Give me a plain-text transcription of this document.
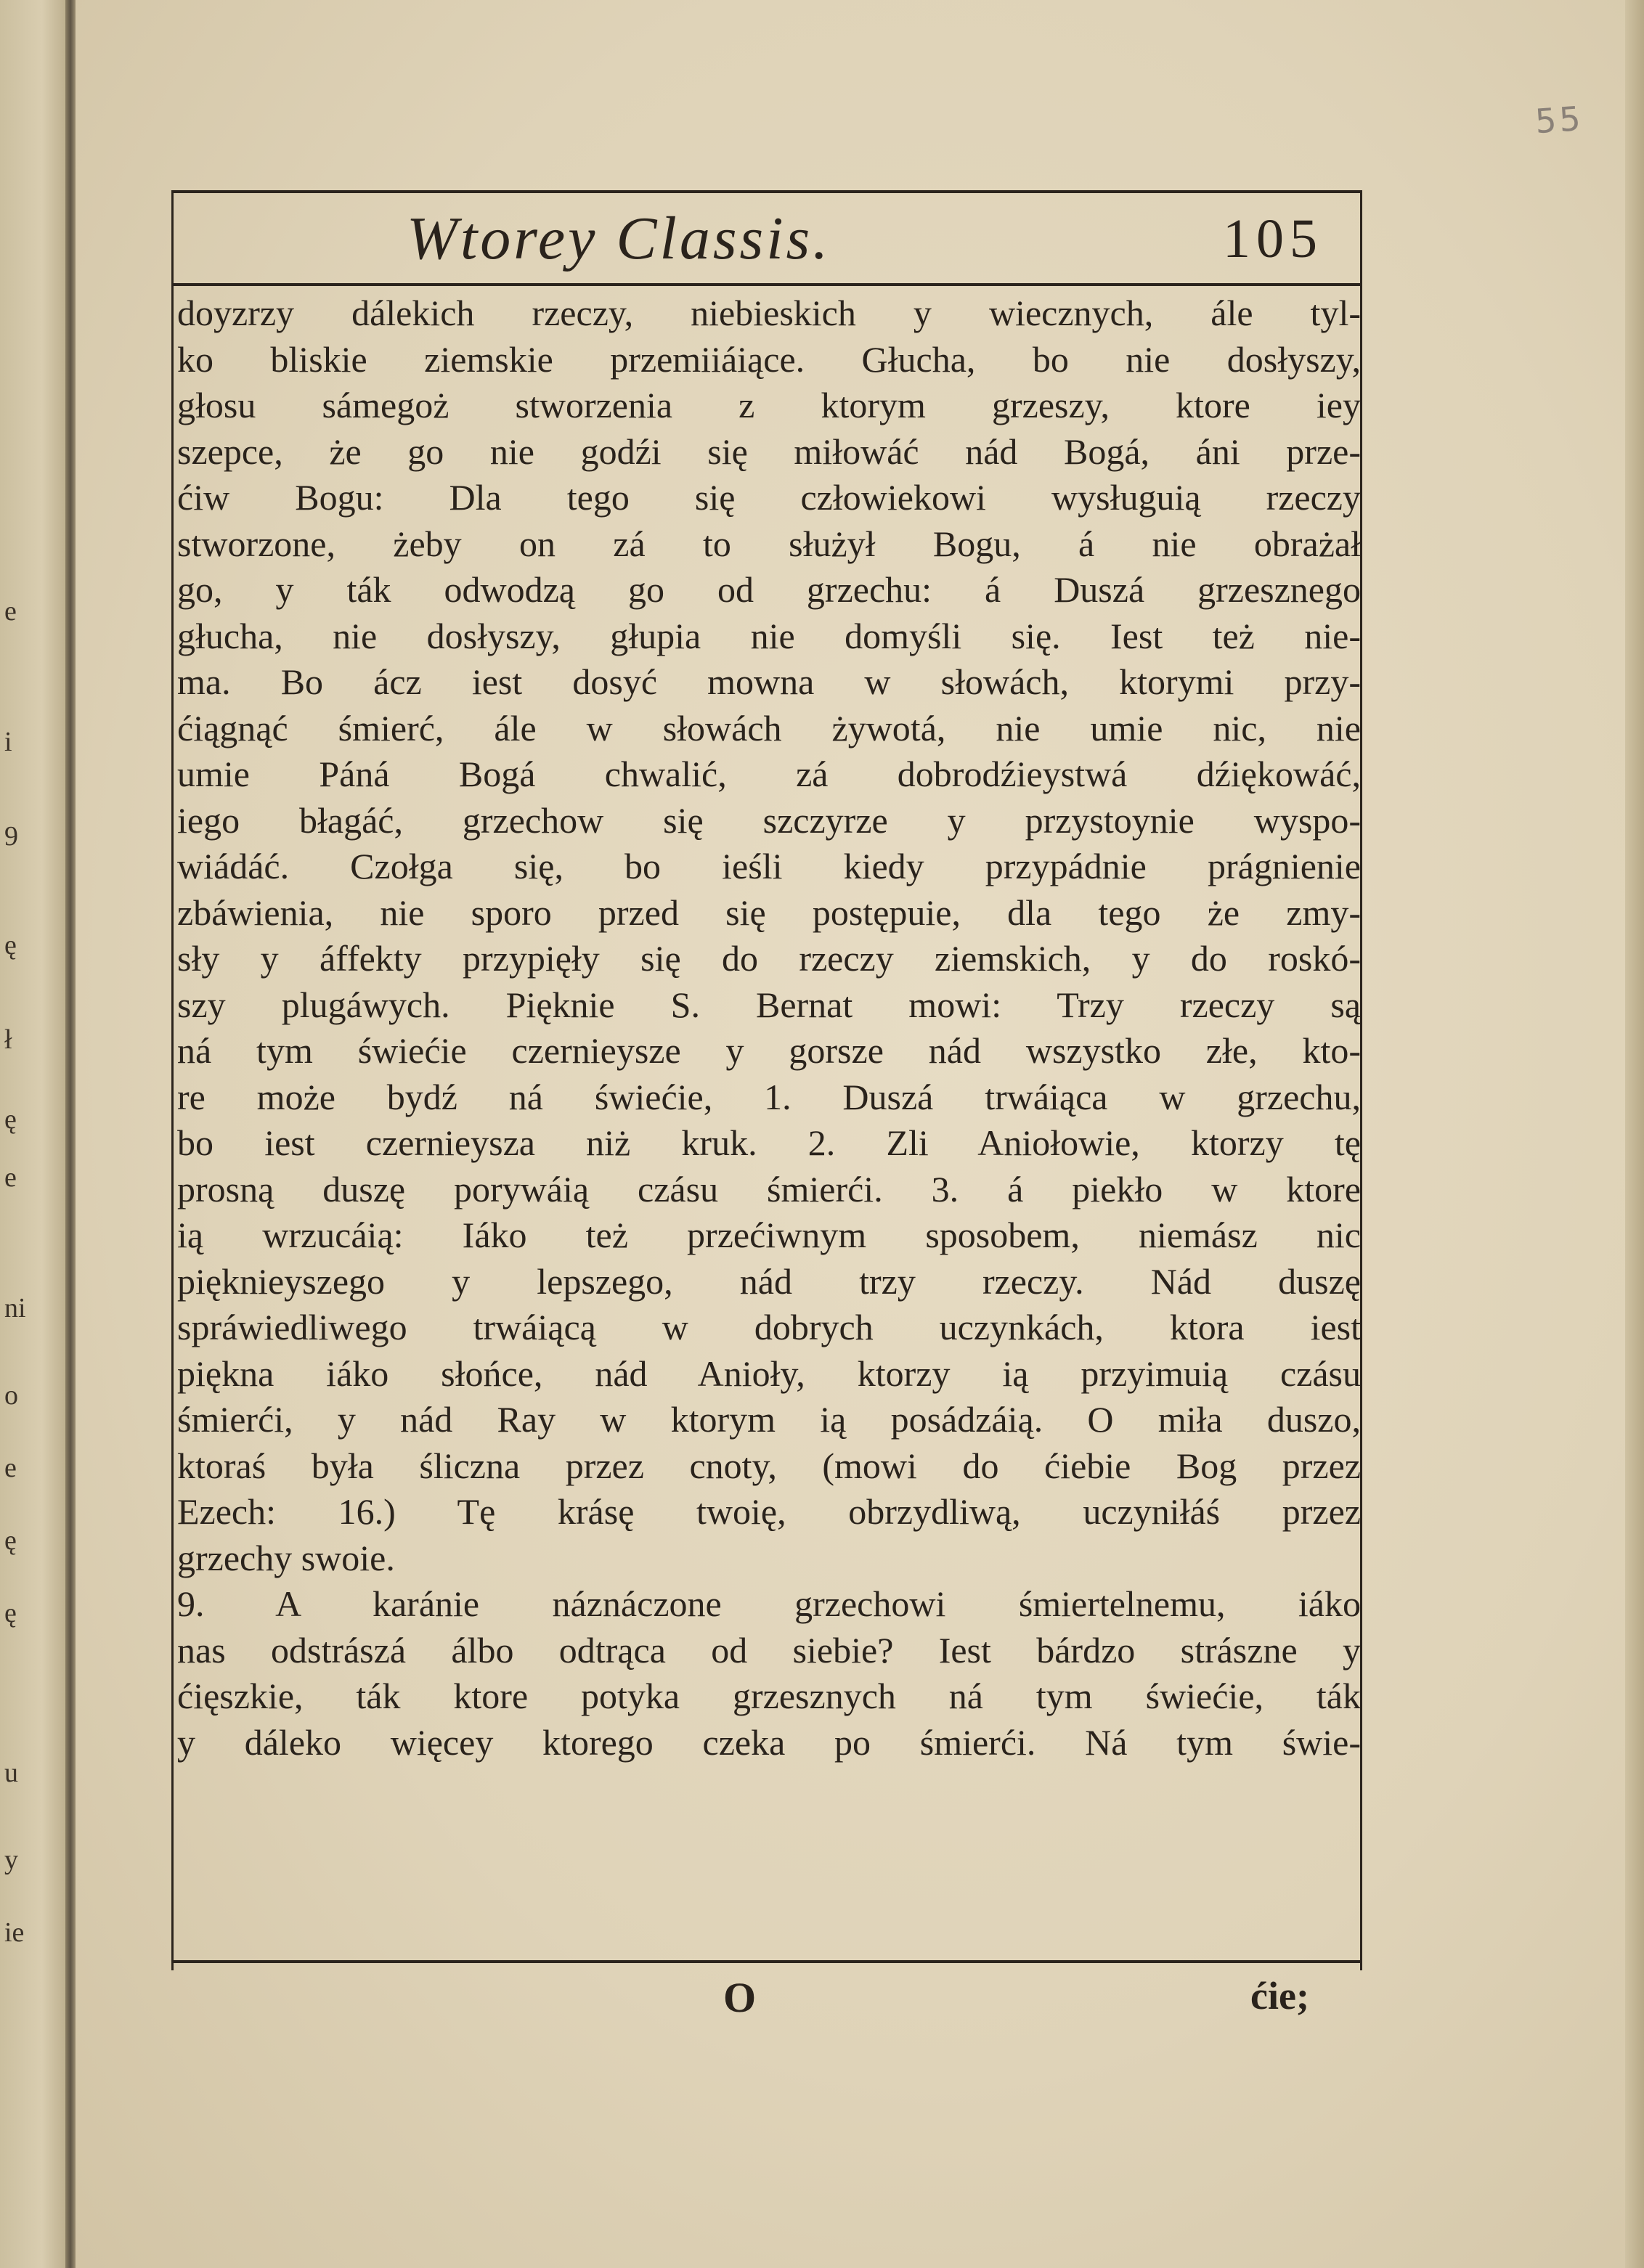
e
i
9
ę
ł
ę
e
ni
o
e
ę
ę
u
y
ie
55
Wtorey Classis.	105
doyzrzy dálekich rzeczy, niebieskich y wiecznych, ále tyl-
ko bliskie ziemskie przemiiáiące. Głucha, bo nie dosłyszy,
głosu sámegoż stworzenia z ktorym grzeszy, ktore iey
szepce, że go nie godźi się miłowáć nád Bogá, áni prze-
ćiw Bogu: Dla tego się człowiekowi wysługuią rzeczy
stworzone, żeby on zá to służył Bogu, á nie obrażał
go, y ták odwodzą go od grzechu: á Duszá grzesznego
głucha, nie dosłyszy, głupia nie domyśli się. Iest też nie-
ma. Bo ácz iest dosyć mowna w słowách, ktorymi przy-
ćiągnąć śmierć, ále w słowách żywotá, nie umie nic, nie
umie Páná Bogá chwalić, zá dobrodźieystwá dźiękowáć,
iego błagáć, grzechow się szczyrze y przystoynie wyspo-
wiádáć. Czołga się, bo ieśli kiedy przypádnie prágnienie
zbáwienia, nie sporo przed się postępuie, dla tego że zmy-
sły y áffekty przypięły się do rzeczy ziemskich, y do roskó-
szy plugáwych. Pięknie S. Bernat mowi: Trzy rzeczy są
ná tym świećie czernieysze y gorsze nád wszystko złe, kto-
re może bydź ná świećie, 1. Duszá trwáiąca w grzechu,
bo iest czernieysza niż kruk. 2. Zli Aniołowie, ktorzy tę
prosną duszę porywáią czásu śmierći. 3. á piekło w ktore
ią wrzucáią: Iáko też przećiwnym sposobem, niemász nic
pięknieyszego y lepszego, nád trzy rzeczy. Nád duszę
spráwiedliwego trwáiącą w dobrych uczynkách, ktora iest
piękna iáko słońce, nád Anioły, ktorzy ią przyimuią czásu
śmierći, y nád Ray w ktorym ią posádzáią. O miła duszo,
ktoraś była śliczna przez cnoty, (mowi do ćiebie Bog przez
Ezech: 16.) Tę krásę twoię, obrzydliwą, uczyniłáś przez
grzechy swoie.
9. A karánie náznáczone grzechowi śmiertelnemu, iáko
nas odstrászá álbo odtrąca od siebie? Iest bárdzo strászne y
ćięszkie, ták ktore potyka grzesznych ná tym świećie, ták
y dáleko więcey ktorego czeka po śmierći. Ná tym świe-
O	ćie;
